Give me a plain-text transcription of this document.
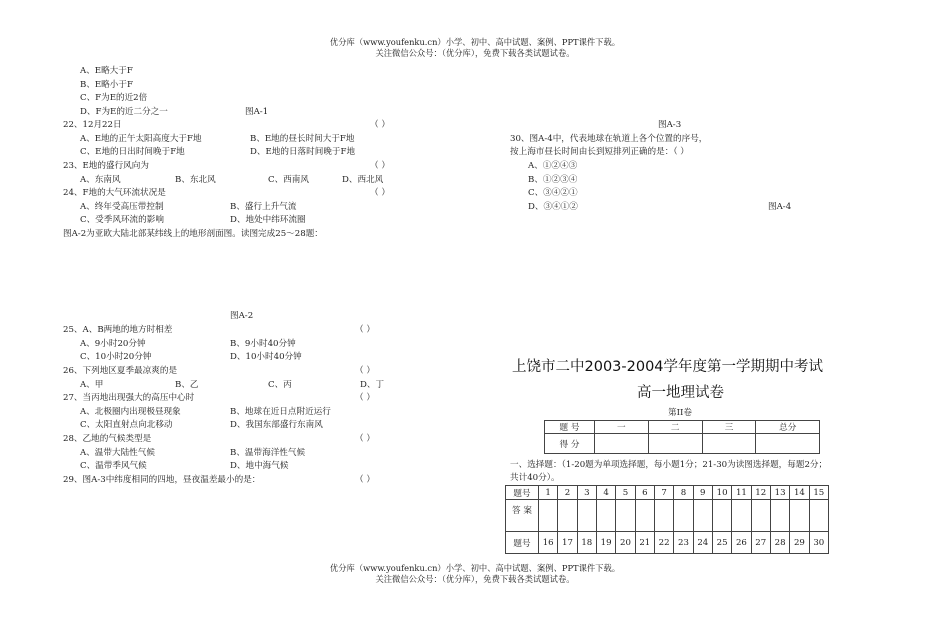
优分库（www.youfenku.cn）小学、初中、高中试题、案例、PPT课件下载。
关注微信公众号：（优分库），免费下载各类试题试卷。
A、E略大于F
B、E略小于F
C、F为E的近2倍
D、F为E的近二分之一	图A-1
22、12月22日	（ ）
A、E地的正午太阳高度大于F地	B、E地的昼长时间大于F地
C、E地的日出时间晚于F地	D、E地的日落时间晚于F地
23、E地的盛行风向为	（ ）
A、东南风	B、东北风	C、西南风	D、西北风
24、F地的大气环流状况是	（ ）
A、终年受高压带控制	B、盛行上升气流
C、受季风环流的影响	D、地处中纬环流圈
图A-2为亚欧大陆北部某纬线上的地形剖面图。读图完成25～28题：
图A-2
25、A、B两地的地方时相差	（ ）
A、9小时20分钟	B、9小时40分钟
C、10小时20分钟	D、10小时40分钟
26、下列地区夏季最凉爽的是	（ ）
A、甲	B、乙	C、丙	D、丁
27、当丙地出现强大的高压中心时	（ ）
A、北极圈内出现极昼现象	B、地球在近日点附近运行
C、太阳直射点向北移动	D、我国东部盛行东南风
28、乙地的气候类型是	（ ）
A、温带大陆性气候	B、温带海洋性气候
C、温带季风气候	D、地中海气候
29、图A-3中纬度相同的四地，昼夜温差最小的是：	（ ）
图A-3
30、图A-4中，代表地球在轨道上各个位置的序号，
按上海市昼长时间由长到短排列正确的是：（ ）
A、①②④③
B、①②③④
C、③④②①
D、③④①②	图A-4
上饶市二中2003-2004学年度第一学期期中考试
高一地理试卷
第II卷
题 号	一	二	三	总分
得 分				
一、选择题：（1-20题为单项选择题，每小题1分；21-30为读图选择题，每题2分；
共计40分）。
题号	1	2	3	4	5	6	7	8	9	10	11	12	13	14	15
答 案															
题号	16	17	18	19	20	21	22	23	24	25	26	27	28	29	30
优分库（www.youfenku.cn）小学、初中、高中试题、案例、PPT课件下载。
关注微信公众号：（优分库），免费下载各类试题试卷。
